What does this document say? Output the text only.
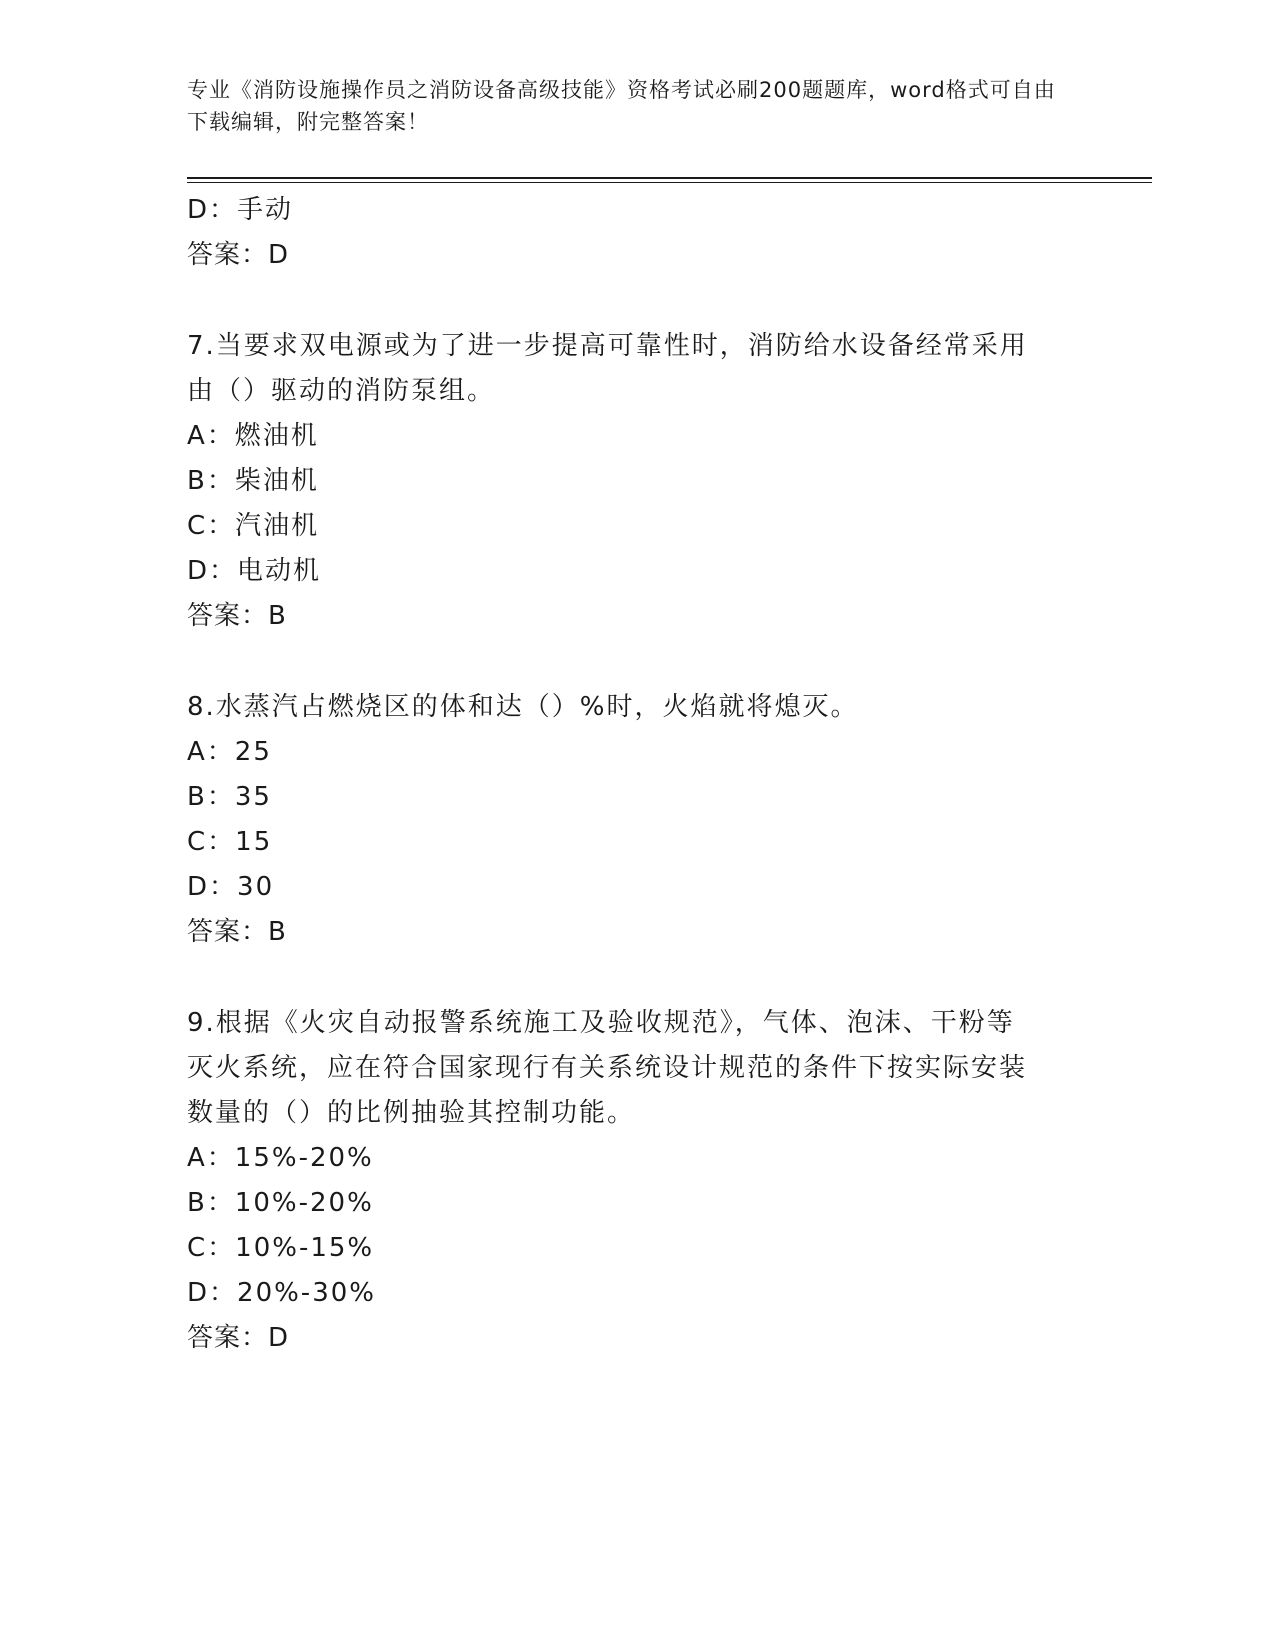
专业《消防设施操作员之消防设备高级技能》资格考试必刷200题题库，word格式可自由下载编辑，附完整答案！

D：手动

答案：D

7.当要求双电源或为了进一步提高可靠性时，消防给水设备经常采用

由（）驱动的消防泵组。

A：燃油机

B：柴油机

C：汽油机

D：电动机

答案：B

8.水蒸汽占燃烧区的体和达（）%时，火焰就将熄灭。

A：25

B：35

C：15

D：30

答案：B

9.根据《火灾自动报警系统施工及验收规范》，气体、泡沫、干粉等

灭火系统，应在符合国家现行有关系统设计规范的条件下按实际安装

数量的（）的比例抽验其控制功能。

A：15%-20%

B：10%-20%

C：10%-15%

D：20%-30%

答案：D
